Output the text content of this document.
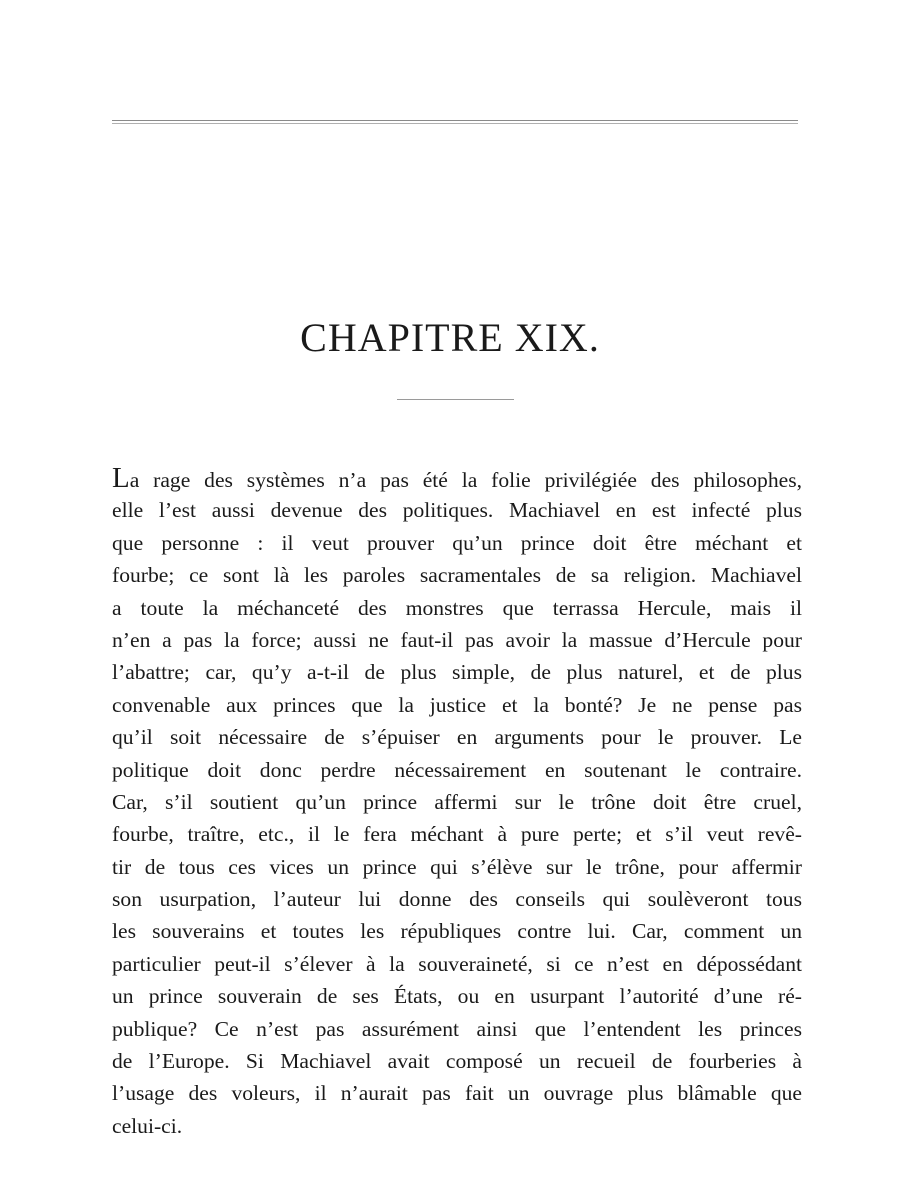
CHAPITRE XIX.
La rage des systèmes n’a pas été la folie privilégiée des philosophes,
elle l’est aussi devenue des politiques. Machiavel en est infecté plus
que personne : il veut prouver qu’un prince doit être méchant et
fourbe; ce sont là les paroles sacramentales de sa religion. Machiavel
a toute la méchanceté des monstres que terrassa Hercule, mais il
n’en a pas la force; aussi ne faut-il pas avoir la massue d’Hercule pour
l’abattre; car, qu’y a-t-il de plus simple, de plus naturel, et de plus
convenable aux princes que la justice et la bonté? Je ne pense pas
qu’il soit nécessaire de s’épuiser en arguments pour le prouver. Le
politique doit donc perdre nécessairement en soutenant le contraire.
Car, s’il soutient qu’un prince affermi sur le trône doit être cruel,
fourbe, traître, etc., il le fera méchant à pure perte; et s’il veut revê-
tir de tous ces vices un prince qui s’élève sur le trône, pour affermir
son usurpation, l’auteur lui donne des conseils qui soulèveront tous
les souverains et toutes les républiques contre lui. Car, comment un
particulier peut-il s’élever à la souveraineté, si ce n’est en dépossédant
un prince souverain de ses États, ou en usurpant l’autorité d’une ré-
publique? Ce n’est pas assurément ainsi que l’entendent les princes
de l’Europe. Si Machiavel avait composé un recueil de fourberies à
l’usage des voleurs, il n’aurait pas fait un ouvrage plus blâmable que
celui-ci.
